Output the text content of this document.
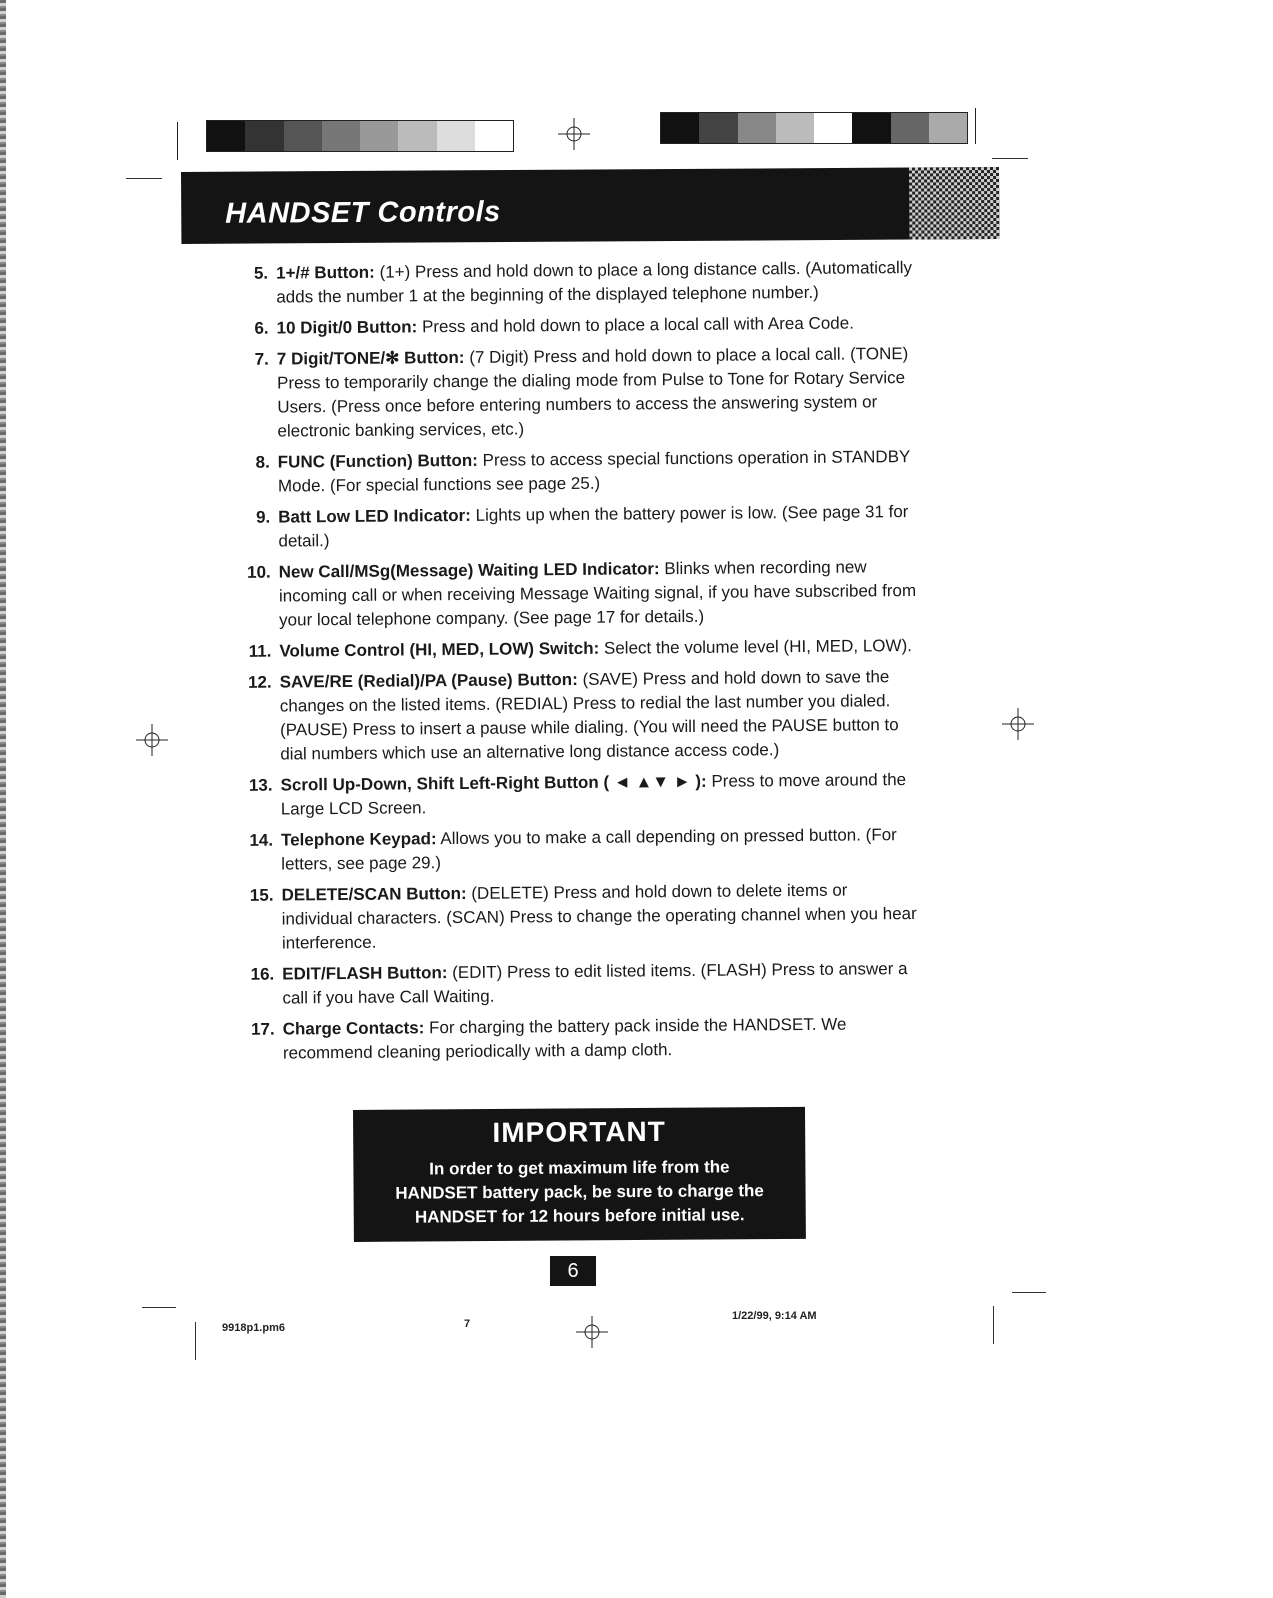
HANDSET Controls
5. 1+/# Button: (1+) Press and hold down to place a long distance calls. (Automatically adds the number 1 at the beginning of the displayed telephone number.)
6. 10 Digit/0 Button: Press and hold down to place a local call with Area Code.
7. 7 Digit/TONE/✻ Button: (7 Digit) Press and hold down to place a local call. (TONE) Press to temporarily change the dialing mode from Pulse to Tone for Rotary Service Users. (Press once before entering numbers to access the answering system or electronic banking services, etc.)
8. FUNC (Function) Button: Press to access special functions operation in STANDBY Mode. (For special functions see page 25.)
9. Batt Low LED Indicator: Lights up when the battery power is low. (See page 31 for detail.)
10. New Call/MSg(Message) Waiting LED Indicator: Blinks when recording new incoming call or when receiving Message Waiting signal, if you have subscribed from your local telephone company. (See page 17 for details.)
11. Volume Control (HI, MED, LOW) Switch: Select the volume level (HI, MED, LOW).
12. SAVE/RE (Redial)/PA (Pause) Button: (SAVE) Press and hold down to save the changes on the listed items. (REDIAL) Press to redial the last number you dialed. (PAUSE) Press to insert a pause while dialing. (You will need the PAUSE button to dial numbers which use an alternative long distance access code.)
13. Scroll Up-Down, Shift Left-Right Button ( ◄ ▲▼ ► ): Press to move around the Large LCD Screen.
14. Telephone Keypad: Allows you to make a call depending on pressed button. (For letters, see page 29.)
15. DELETE/SCAN Button: (DELETE) Press and hold down to delete items or individual characters. (SCAN) Press to change the operating channel when you hear interference.
16. EDIT/FLASH Button: (EDIT) Press to edit listed items. (FLASH) Press to answer a call if you have Call Waiting.
17. Charge Contacts: For charging the battery pack inside the HANDSET. We recommend cleaning periodically with a damp cloth.
IMPORTANT
In order to get maximum life from the
HANDSET battery pack, be sure to charge the
HANDSET for 12 hours before initial use.
6
9918p1.pm6	7
1/22/99, 9:14 AM
